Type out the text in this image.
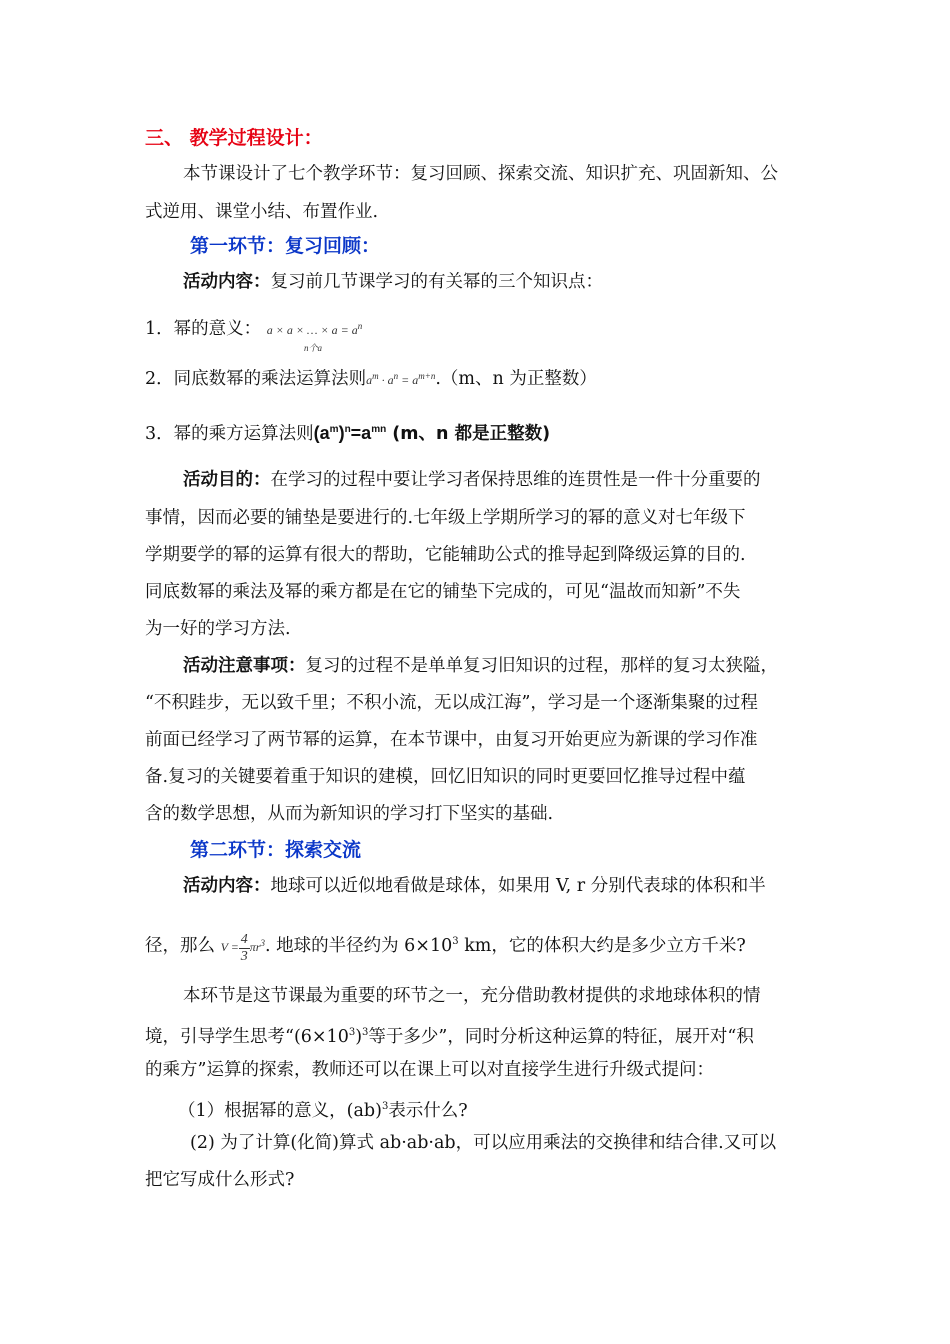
三、 教学过程设计：
本节课设计了七个教学环节：复习回顾、探索交流、知识扩充、巩固新知、公
式逆用、课堂小结、布置作业.
第一环节：复习回顾：
活动内容：复习前几节课学习的有关幂的三个知识点：
1．幂的意义： a × a × … × $a = a^n$
n个a
2．同底数幂的乘法运算法则$a^m \cdot a^n = a^{m+n}.(m$、n 为正整数）
3．幂的乘方运算法则$(a^m)^n=a^{mn}$ (m、n 都是正整数)
活动目的：在学习的过程中要让学习者保持思维的连贯性是一件十分重要的
事情，因而必要的铺垫是要进行的.七年级上学期所学习的幂的意义对七年级下
学期要学的幂的运算有很大的帮助，它能辅助公式的推导起到降级运算的目的.
同底数幂的乘法及幂的乘方都是在它的铺垫下完成的，可见“温故而知新”不失
为一好的学习方法.
活动注意事项：复习的过程不是单单复习旧知识的过程，那样的复习太狭隘，
“不积跬步，无以致千里；不积小流，无以成江海”，学习是一个逐渐集聚的过程
前面已经学习了两节幂的运算，在本节课中，由复习开始更应为新课的学习作准
备.复习的关键要着重于知识的建模，回忆旧知识的同时更要回忆推导过程中蕴
含的数学思想，从而为新知识的学习打下坚实的基础.
第二环节：探索交流
活动内容：地球可以近似地看做是球体，如果用 V, r 分别代表球的体积和半
径，那么 $V = \frac{4}{3} \pi r^3$. 地球的半径约为 $6\times 10^3$ km，它的体积大约是多少立方千米?
本环节是这节课最为重要的环节之一，充分借助教材提供的求地球体积的情
境，引导学生思考“$(6\times 10^3)^3$等于多少”，同时分析这种运算的特征，展开对“积
的乘方”运算的探索，教师还可以在课上可以对直接学生进行升级式提问：
（1）根据幂的意义，(ab)$^3$表示什么?
(2) 为了计算(化简)算式 ab·ab·ab，可以应用乘法的交换律和结合律.又可以
把它写成什么形式?
